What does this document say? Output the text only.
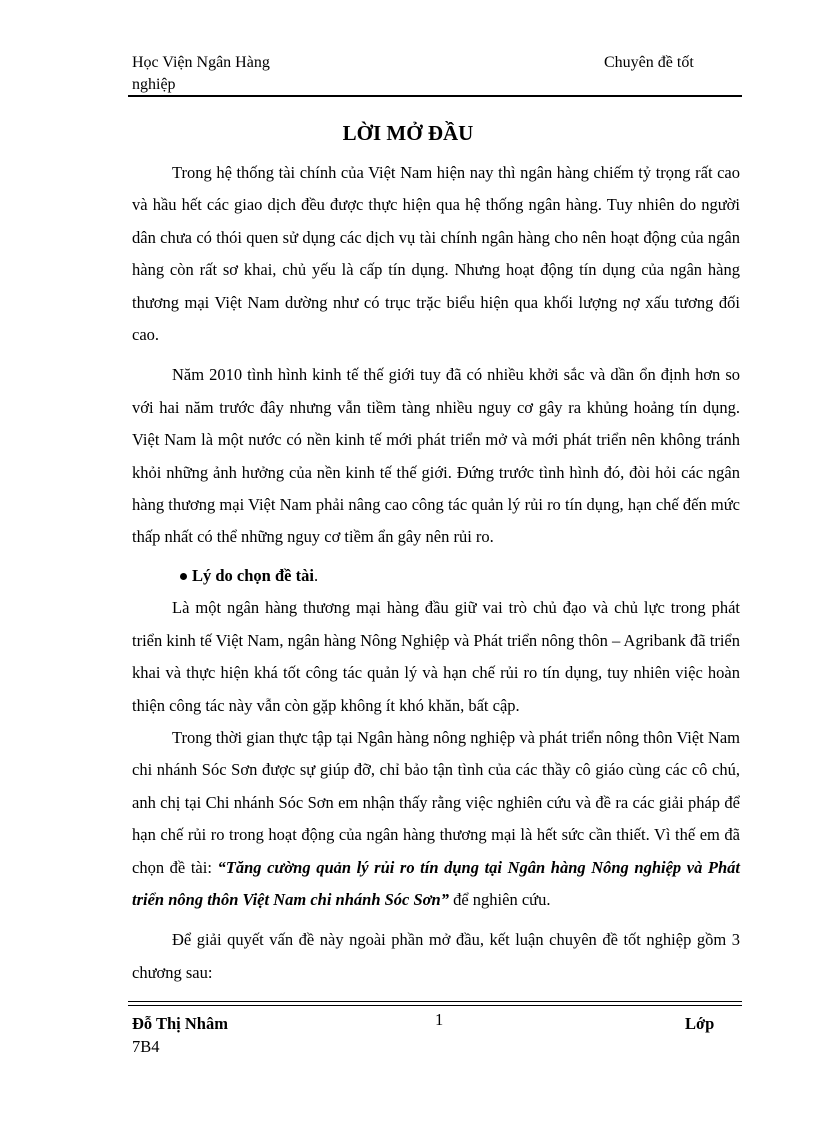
Học Viện Ngân Hàng	Chuyên đề tốt
nghiệp
LỜI MỞ ĐẦU

Trong hệ thống tài chính của Việt Nam hiện nay thì ngân hàng chiếm tỷ trọng rất cao và hầu hết các giao dịch đều được thực hiện qua hệ thống ngân hàng. Tuy nhiên do người dân chưa có thói quen sử dụng các dịch vụ tài chính ngân hàng cho nên hoạt động của ngân hàng còn rất sơ khai, chủ yếu là cấp tín dụng. Nhưng hoạt động tín dụng của ngân hàng thương mại Việt Nam dường như có trục trặc biểu hiện qua khối lượng nợ xấu tương đối cao.

Năm 2010 tình hình kinh tế thế giới tuy đã có nhiều khởi sắc và dần ổn định hơn so với hai năm trước đây nhưng vẫn tiềm tàng nhiều nguy cơ gây ra khủng hoảng tín dụng. Việt Nam là một nước có nền kinh tế mới phát triển mở và mới phát triển nên không tránh khỏi những ảnh hưởng của nền kinh tế thế giới. Đứng trước tình hình đó, đòi hỏi các ngân hàng thương mại Việt Nam phải nâng cao công tác quản lý rủi ro tín dụng, hạn chế đến mức thấp nhất có thể những nguy cơ tiềm ẩn gây nên rủi ro.

Lý do chọn đề tài.

Là một ngân hàng thương mại hàng đầu giữ vai trò chủ đạo và chủ lực trong phát triển kinh tế Việt Nam, ngân hàng Nông Nghiệp và Phát triển nông thôn – Agribank đã triển khai và thực hiện khá tốt công tác quản lý và hạn chế rủi ro tín dụng, tuy nhiên việc hoàn thiện công tác này vẫn còn gặp không ít khó khăn, bất cập.

Trong thời gian thực tập tại Ngân hàng nông nghiệp và phát triển nông thôn Việt Nam chi nhánh Sóc Sơn được sự giúp đỡ, chỉ bảo tận tình của các thầy cô giáo cùng các cô chú, anh chị tại Chi nhánh Sóc Sơn em nhận thấy rằng việc nghiên cứu và đề ra các giải pháp để hạn chế rủi ro trong hoạt động của ngân hàng thương mại là hết sức cần thiết. Vì thế em đã chọn đề tài: “Tăng cường quản lý rủi ro tín dụng tại Ngân hàng Nông nghiệp và Phát triển nông thôn Việt Nam chi nhánh Sóc Sơn” để nghiên cứu.

Để giải quyết vấn đề này ngoài phần mở đầu, kết luận chuyên đề tốt nghiệp gồm 3 chương sau:

Đỗ Thị Nhâm	1	Lớp
7B4
